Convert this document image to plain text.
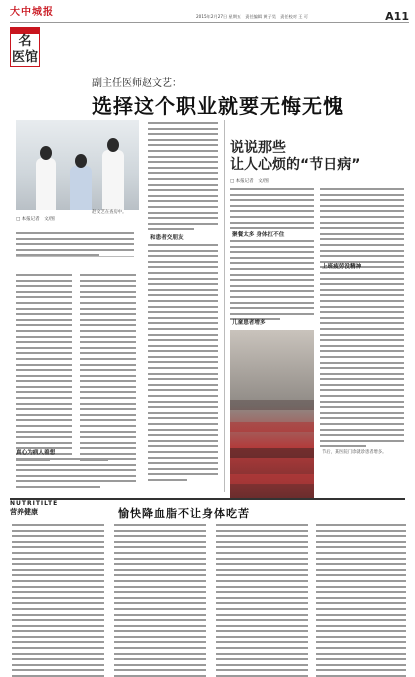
大中城报	2015年2月27日 星期五　责任编辑 黄子昊　责任校对 王 可	A11
名
医馆
副主任医师赵文艺：
选择这个职业就要无悔无愧
赵文艺在查房中。
□ 本报记者　文/图
真心为病人着想
和患者交朋友
说说那些
让人心烦的“节日病”
□ 本报记者　文/图
聚餐太多 身体扛不住
儿童患者增多
上班疲劳没精神
节后，某医院门诊就诊患者增多。
NUTRITILTE
营养健康	愉快降血脂不让身体吃苦
